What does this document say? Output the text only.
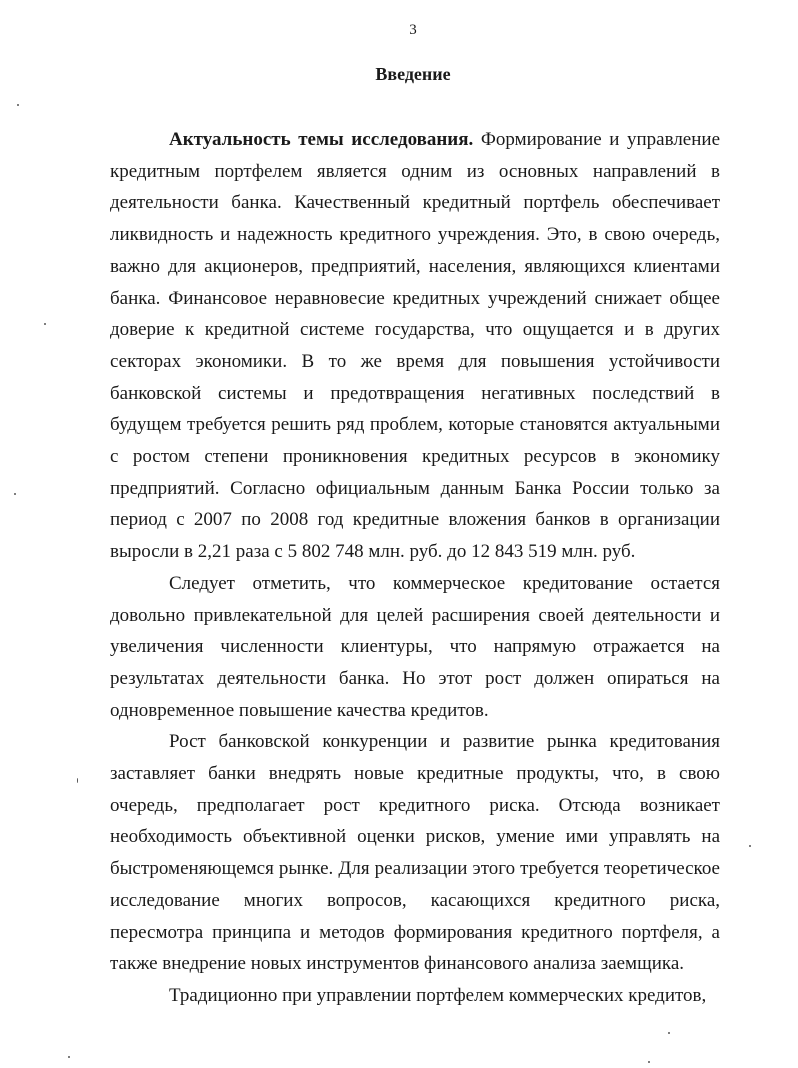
3
Введение

Актуальность темы исследования. Формирование и управление кредитным портфелем является одним из основных направлений в деятельности банка. Качественный кредитный портфель обеспечивает ликвидность и надежность кредитного учреждения. Это, в свою очередь, важно для акционеров, предприятий, населения, являющихся клиентами банка. Финансовое неравновесие кредитных учреждений снижает общее доверие к кредитной системе государства, что ощущается и в других секторах экономики. В то же время для повышения устойчивости банковской системы и предотвращения негативных последствий в будущем требуется решить ряд проблем, которые становятся актуальными с ростом степени проникновения кредитных ресурсов в экономику предприятий. Согласно официальным данным Банка России только за период с 2007 по 2008 год кредитные вложения банков в организации выросли в 2,21 раза с 5 802 748 млн. руб. до 12 843 519 млн. руб.

Следует отметить, что коммерческое кредитование остается довольно привлекательной для целей расширения своей деятельности и увеличения численности клиентуры, что напрямую отражается на результатах деятельности банка. Но этот рост должен опираться на одновременное повышение качества кредитов.

Рост банковской конкуренции и развитие рынка кредитования заставляет банки внедрять новые кредитные продукты, что, в свою очередь, предполагает рост кредитного риска. Отсюда возникает необходимость объективной оценки рисков, умение ими управлять на быстроменяющемся рынке. Для реализации этого требуется теоретическое исследование многих вопросов, касающихся кредитного риска, пересмотра принципа и методов формирования кредитного портфеля, а также внедрение новых инструментов финансового анализа заемщика.

Традиционно при управлении портфелем коммерческих кредитов,
